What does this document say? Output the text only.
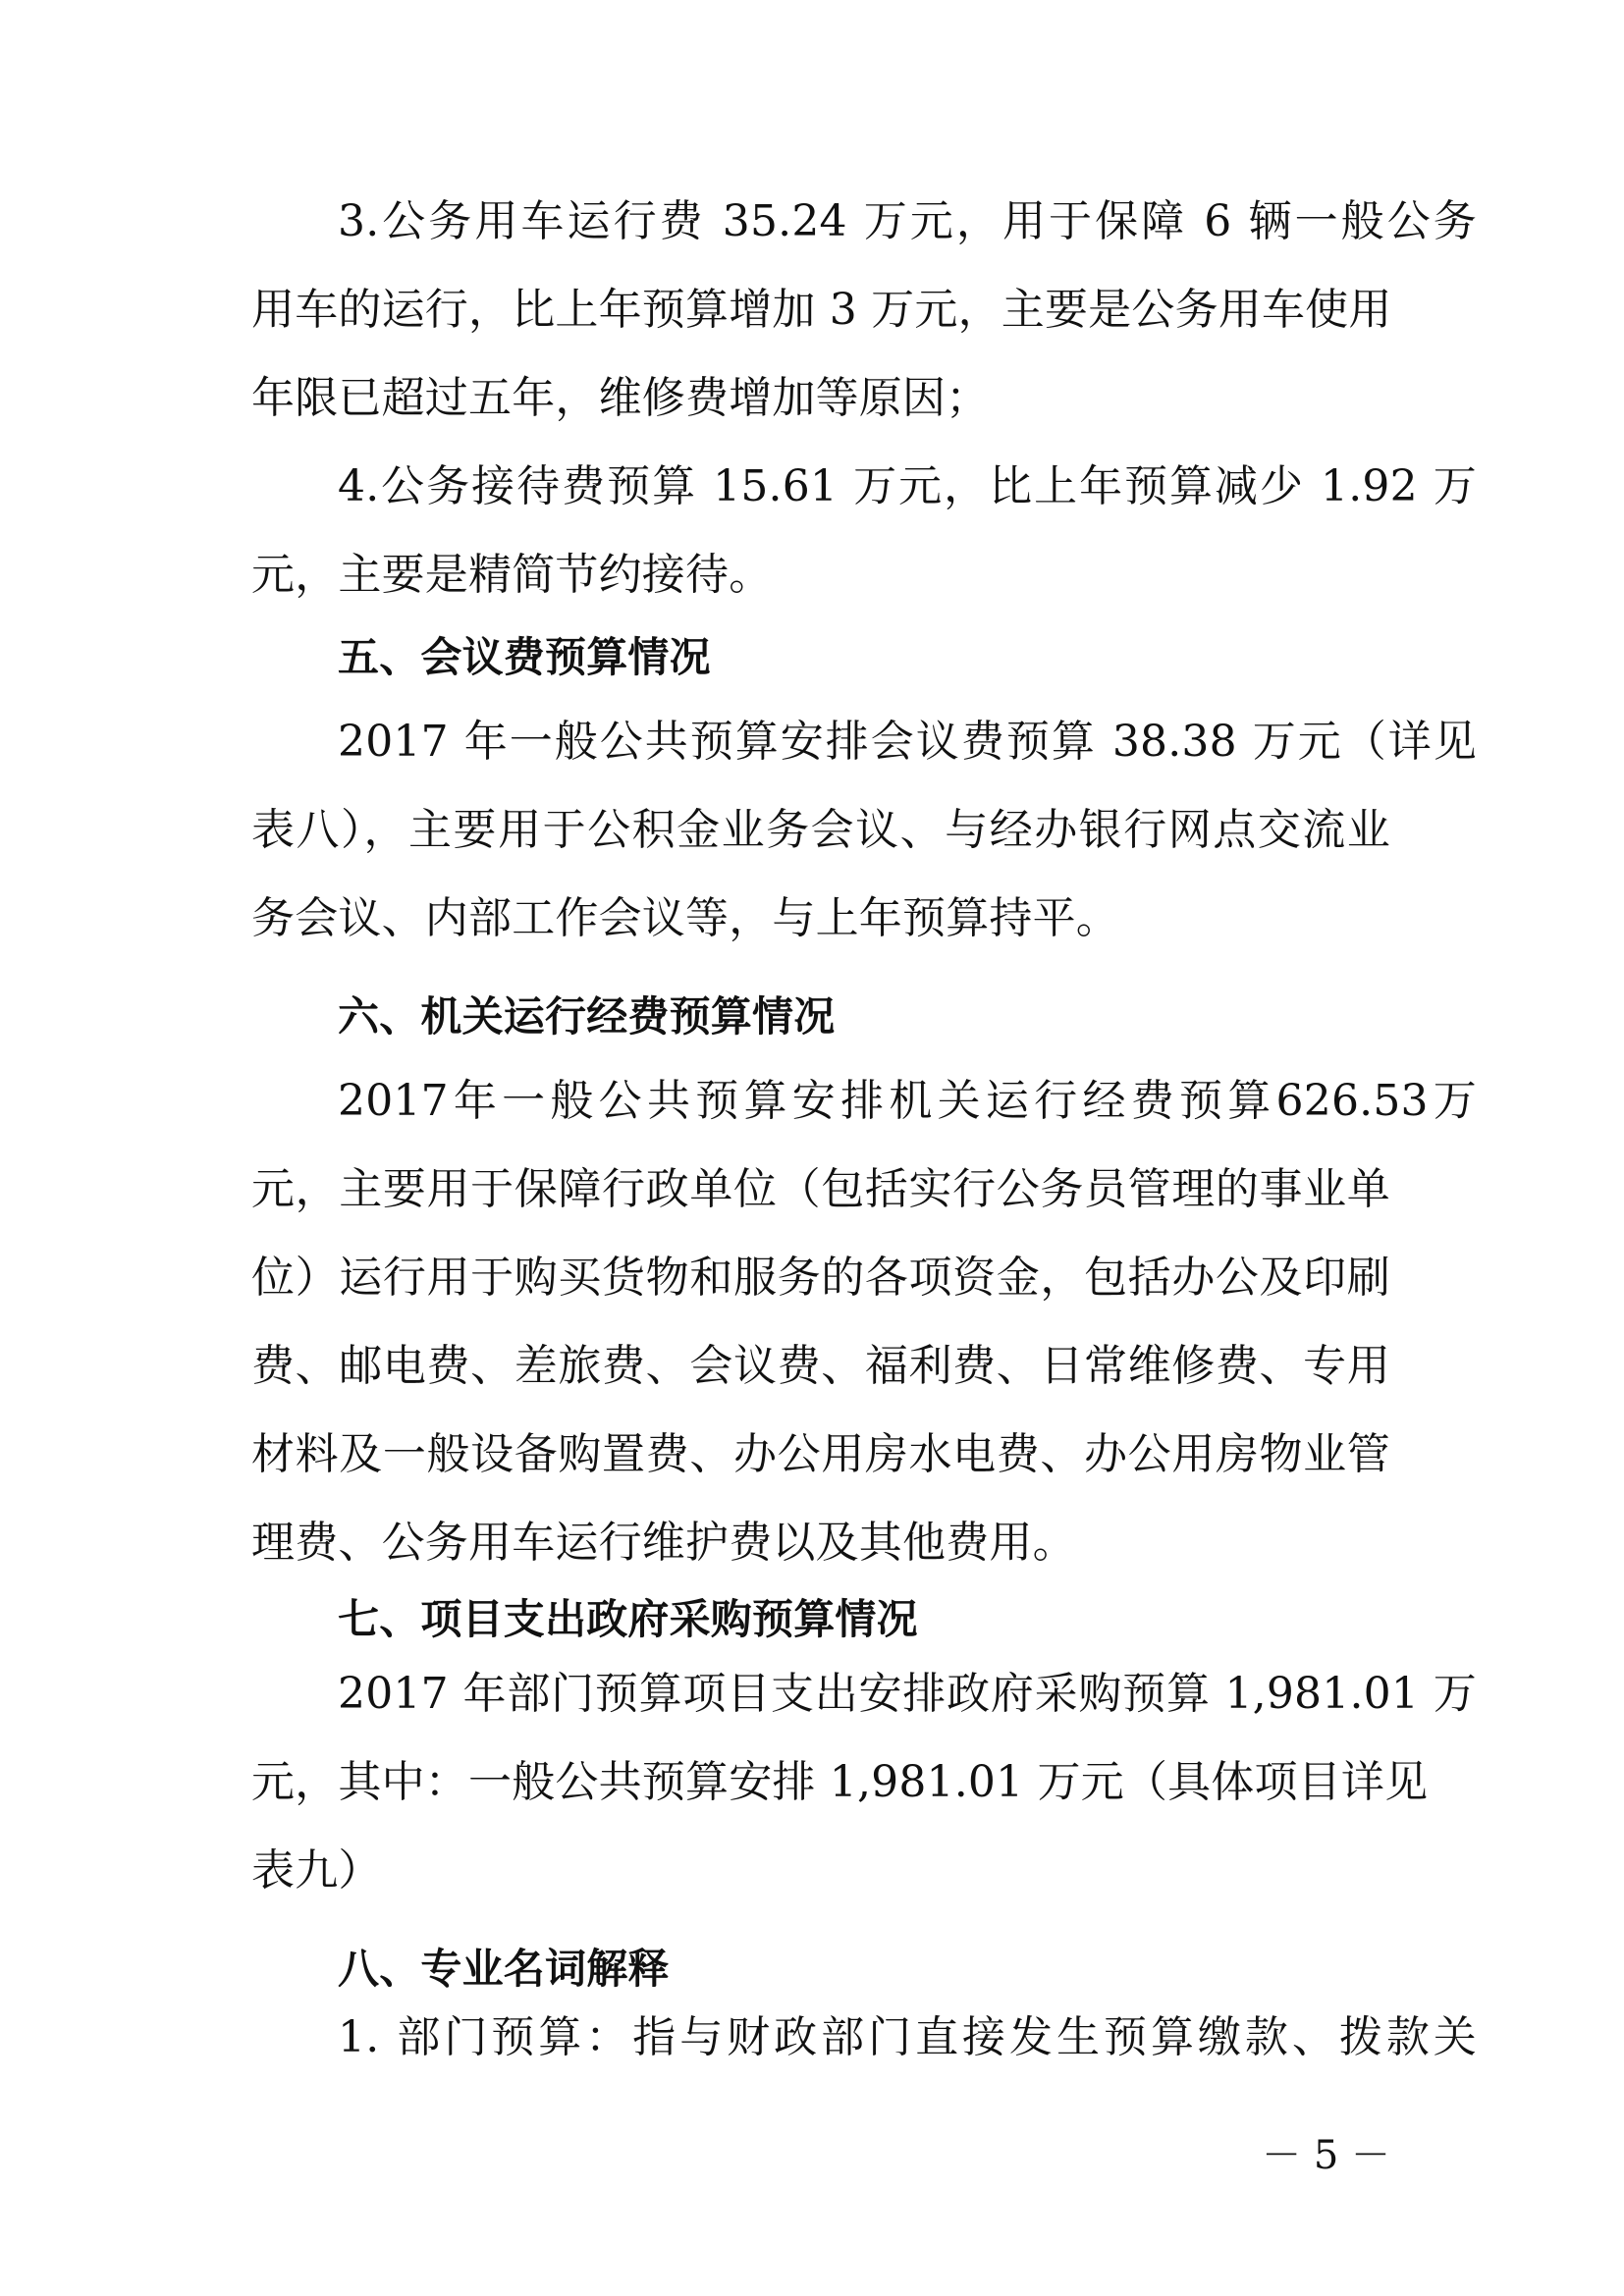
3.公务用车运行费 35.24 万元，用于保障 6 辆一般公务
用车的运行，比上年预算增加 3 万元，主要是公务用车使用
年限已超过五年，维修费增加等原因；
4.公务接待费预算 15.61 万元，比上年预算减少 1.92 万
元，主要是精简节约接待。
五、会议费预算情况
2017 年一般公共预算安排会议费预算 38.38 万元（详见
表八），主要用于公积金业务会议、与经办银行网点交流业
务会议、内部工作会议等，与上年预算持平。
六、机关运行经费预算情况
2017年一般公共预算安排机关运行经费预算626.53万
元，主要用于保障行政单位（包括实行公务员管理的事业单
位）运行用于购买货物和服务的各项资金，包括办公及印刷
费、邮电费、差旅费、会议费、福利费、日常维修费、专用
材料及一般设备购置费、办公用房水电费、办公用房物业管
理费、公务用车运行维护费以及其他费用。
七、项目支出政府采购预算情况
2017 年部门预算项目支出安排政府采购预算 1,981.01 万
元，其中：一般公共预算安排 1,981.01 万元（具体项目详见
表九）
八、专业名词解释
1. 部门预算：指与财政部门直接发生预算缴款、拨款关
－ 5 －
